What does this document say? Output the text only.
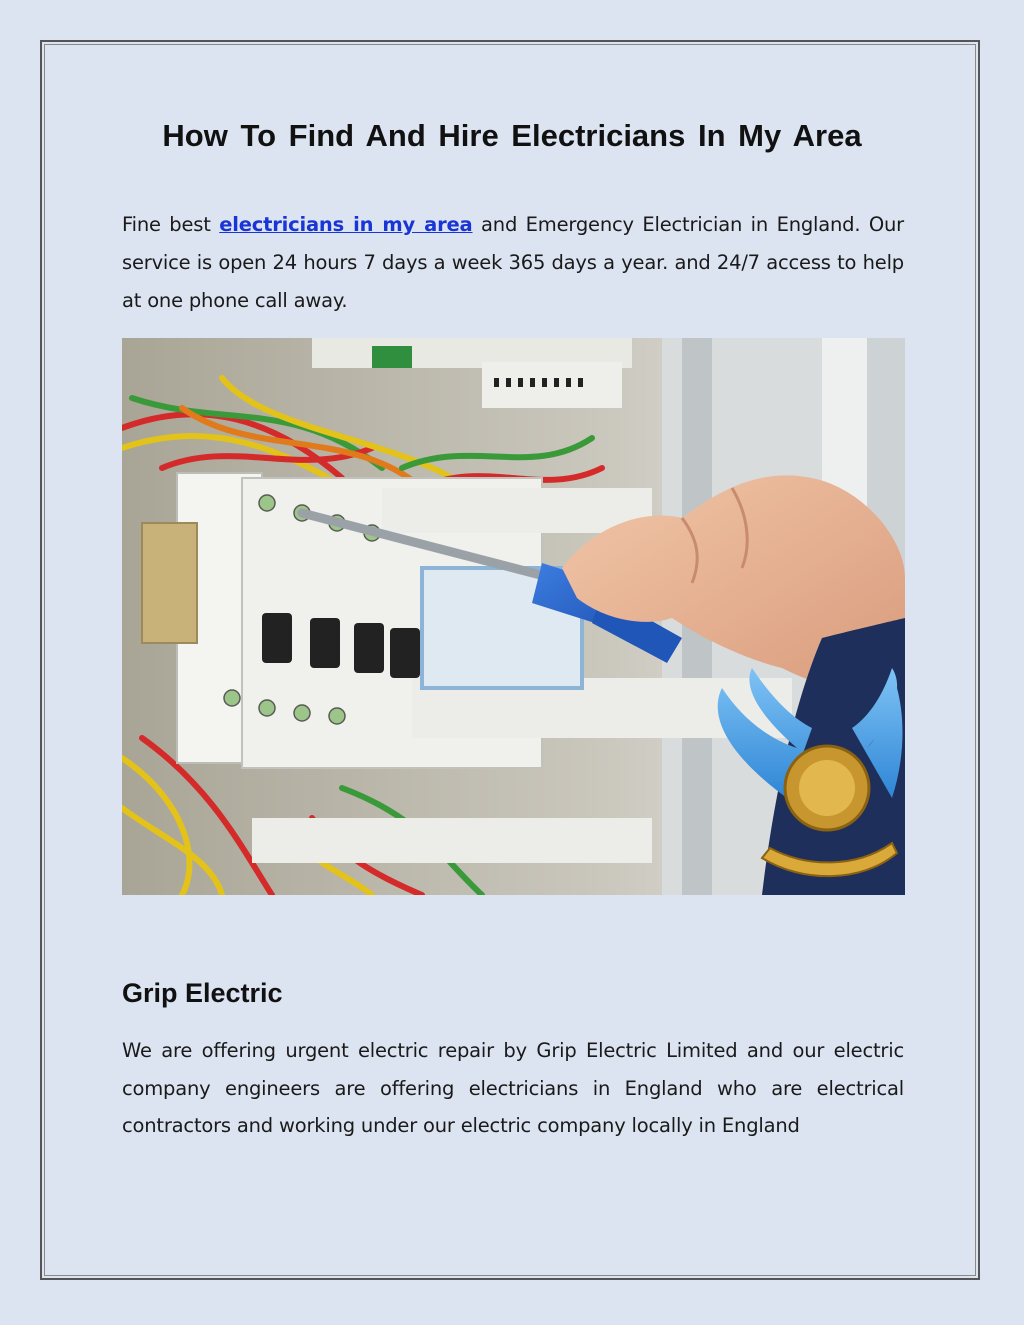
How To Find And Hire Electricians In My Area

Fine best electricians in my area and Emergency Electrician in England. Our service is open 24 hours 7 days a week 365 days a year. and 24/7 access to help at one phone call away.

Grip Electric

We are offering urgent electric repair by Grip Electric Limited and our electric company engineers are offering electricians in England who are electrical contractors and working under our electric company locally in England
